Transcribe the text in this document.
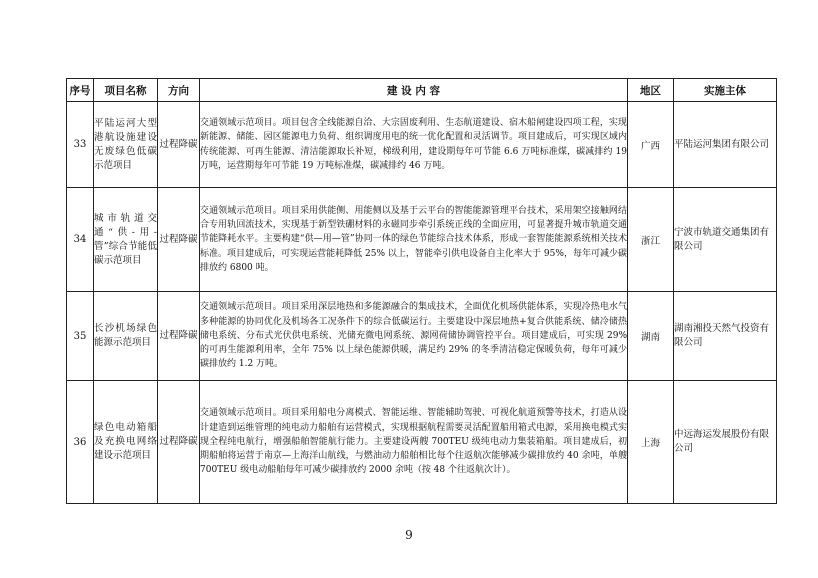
序号	项目名称	方向	建 设 内 容	地区	实施主体
33	平陆运河大型港航设施建设无废绿色低碳示范项目	过程降碳	交通领域示范项目。项目包含全线能源自洽、大宗固废利用、生态航道建设、宿木船闸建设四项工程，实现新能源、储能、园区能源电力负荷、组织调度用电的统一优化配置和灵活调节。项目建成后，可实现区域内传统能源、可再生能源、清洁能源取长补短，梯级利用，建设期每年可节能 6.6 万吨标准煤，碳减排约 19 万吨，运营期每年可节能 19 万吨标准煤，碳减排约 46 万吨。	广西	平陆运河集团有限公司
34	城市轨道交通“供-用-管”综合节能低碳示范项目	过程降碳	交通领域示范项目。项目采用供能侧、用能侧以及基于云平台的智能能源管理平台技术，采用架空接触网结合专用轨回流技术，实现基于新型铁硼材料的永磁同步牵引系统正线的全面应用，可显著提升城市轨道交通节能降耗水平。主要构建“供—用—管”协同一体的绿色节能综合技术体系，形成一套智能能源系统相关技术标准。项目建成后，可实现运营能耗降低 25% 以上，智能牵引供电设备自主化率大于 95%，每年可减少碳排放约 6800 吨。	浙江	宁波市轨道交通集团有限公司
35	长沙机场绿色能源示范项目	过程降碳	交通领域示范项目。项目采用深层地热和多能源融合的集成技术，全面优化机场供能体系，实现冷热电水气多种能源的协同优化及机场各工况条件下的综合低碳运行。主要建设中深层地热+复合供能系统、储冷储热储电系统、分布式光伏供电系统、光储充微电网系统、源网荷储协调管控平台。项目建成后，可实现 29% 的可再生能源利用率，全年 75% 以上绿色能源供暖，满足约 29% 的冬季清洁稳定保暖负荷，每年可减少碳排放约 1.2 万吨。	湖南	湖南湘投天然气投资有限公司
36	绿色电动箱船及充换电网络建设示范项目	过程降碳	交通领域示范项目。项目采用船电分离模式、智能运维、智能辅助驾驶、可视化航道预警等技术，打造从设计建造到运维管理的纯电动力船舶有运营模式，实现根据航程需要灵活配置船用箱式电源，采用换电模式实现全程纯电航行，增强船舶智能航行能力。主要建设两艘 700TEU 级纯电动力集装箱船。项目建成后，初期船舶将运营于南京—上海洋山航线，与燃油动力船舶相比每个往返航次能够减少碳排放约 40 余吨，单艘 700TEU 级电动船舶每年可减少碳排放约 2000 余吨（按 48 个往返航次计）。	上海	中远海运发展股份有限公司
9
